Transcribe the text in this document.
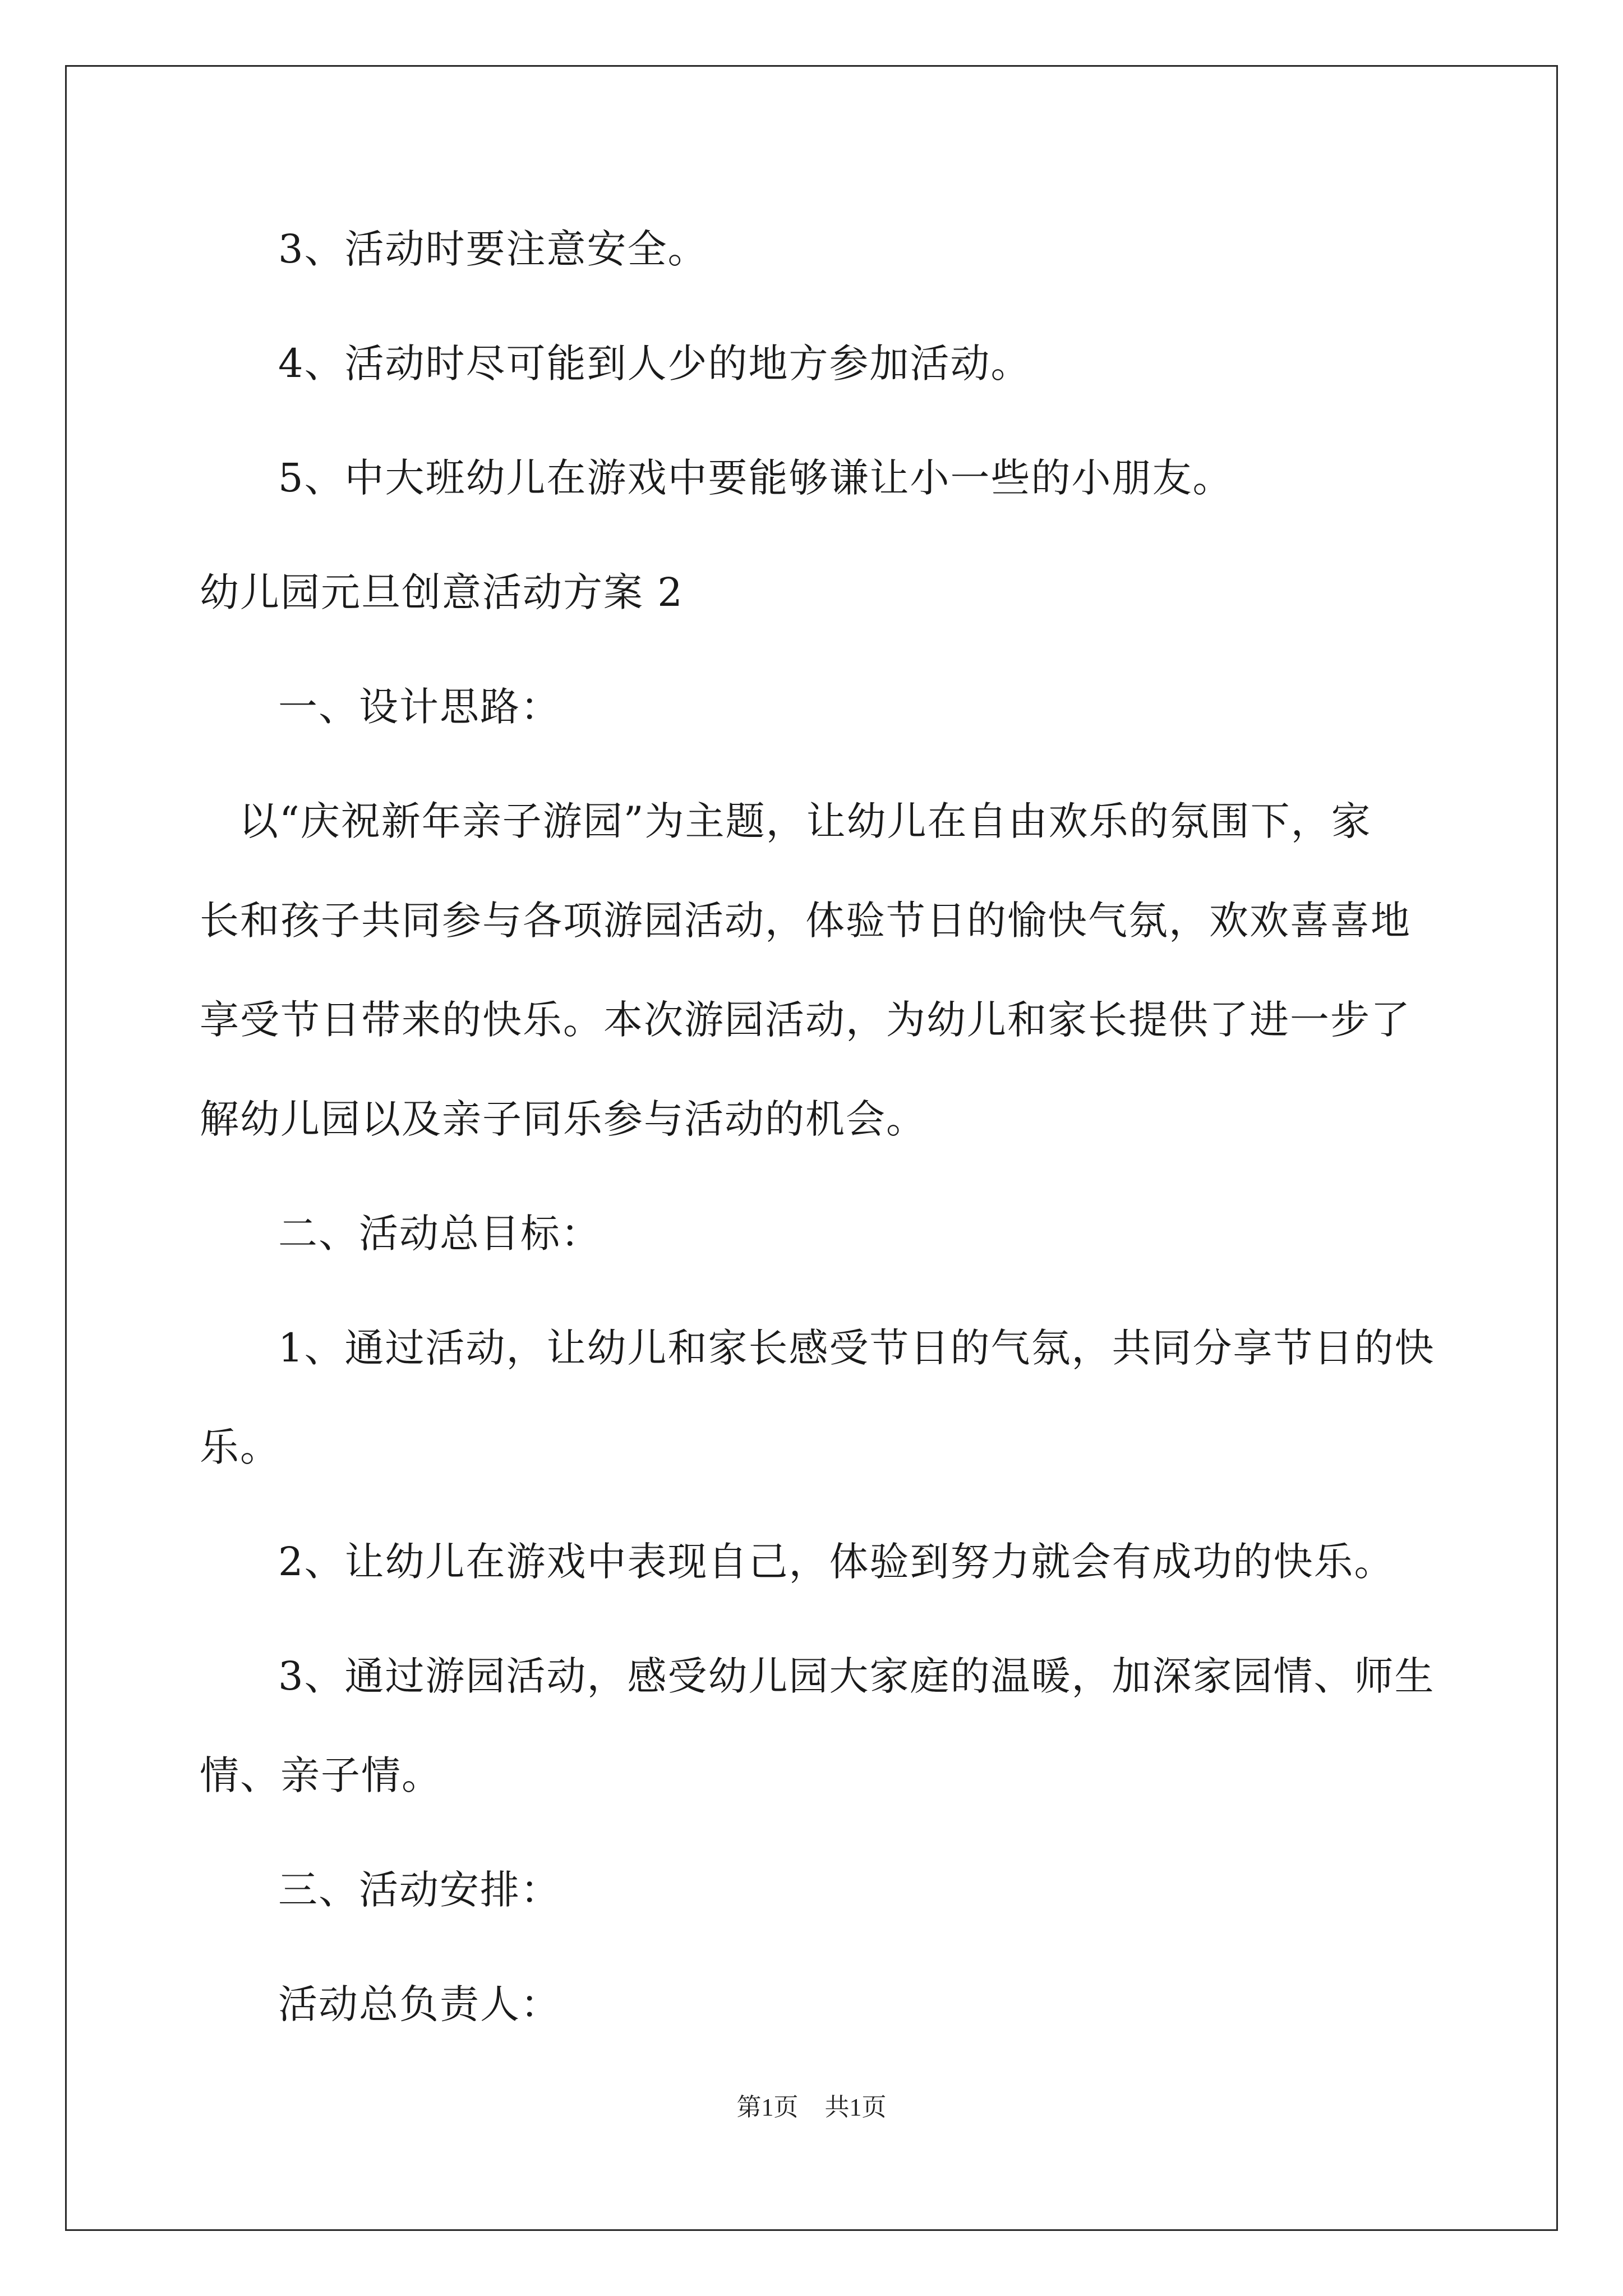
3、活动时要注意安全。
4、活动时尽可能到人少的地方参加活动。
5、中大班幼儿在游戏中要能够谦让小一些的小朋友。
幼儿园元旦创意活动方案 2
一、设计思路：
以“庆祝新年亲子游园”为主题，让幼儿在自由欢乐的氛围下，家
长和孩子共同参与各项游园活动，体验节日的愉快气氛，欢欢喜喜地
享受节日带来的快乐。本次游园活动，为幼儿和家长提供了进一步了
解幼儿园以及亲子同乐参与活动的机会。
二、活动总目标：
1、通过活动，让幼儿和家长感受节日的气氛，共同分享节日的快
乐。
2、让幼儿在游戏中表现自己，体验到努力就会有成功的快乐。
3、通过游园活动，感受幼儿园大家庭的温暖，加深家园情、师生
情、亲子情。
三、活动安排：
活动总负责人：
第1页 共1页
